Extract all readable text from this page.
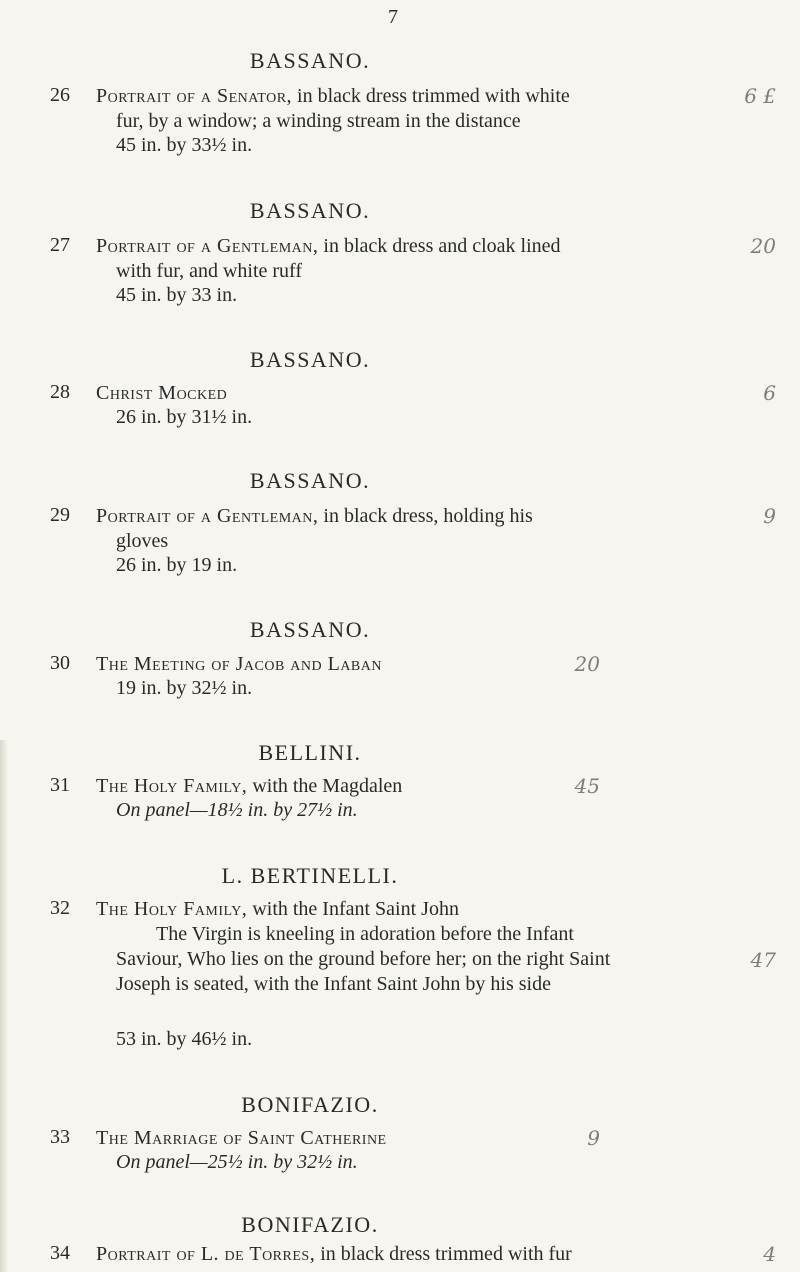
7
BASSANO.
26 Portrait of a Senator, in black dress trimmed with white
fur, by a window; a winding stream in the distance
45 in. by 33½ in.
6 £
BASSANO.
27 Portrait of a Gentleman, in black dress and cloak lined
with fur, and white ruff
45 in. by 33 in.
20
BASSANO.
28 Christ Mocked
26 in. by 31½ in.
6
BASSANO.
29 Portrait of a Gentleman, in black dress, holding his
gloves
26 in. by 19 in.
9
BASSANO.
30 The Meeting of Jacob and Laban
19 in. by 32½ in.
20
BELLINI.
31 The Holy Family, with the Magdalen
On panel—18½ in. by 27½ in.
45
L. BERTINELLI.
32 The Holy Family, with the Infant Saint John
The Virgin is kneeling in adoration before the Infant Saviour, Who lies on the ground before her; on the right Saint Joseph is seated, with the Infant Saint John by his side
53 in. by 46½ in.
47
BONIFAZIO.
33 The Marriage of Saint Catherine
On panel—25½ in. by 32½ in.
9
BONIFAZIO.
34 Portrait of L. de Torres, in black dress trimmed with fur	4
